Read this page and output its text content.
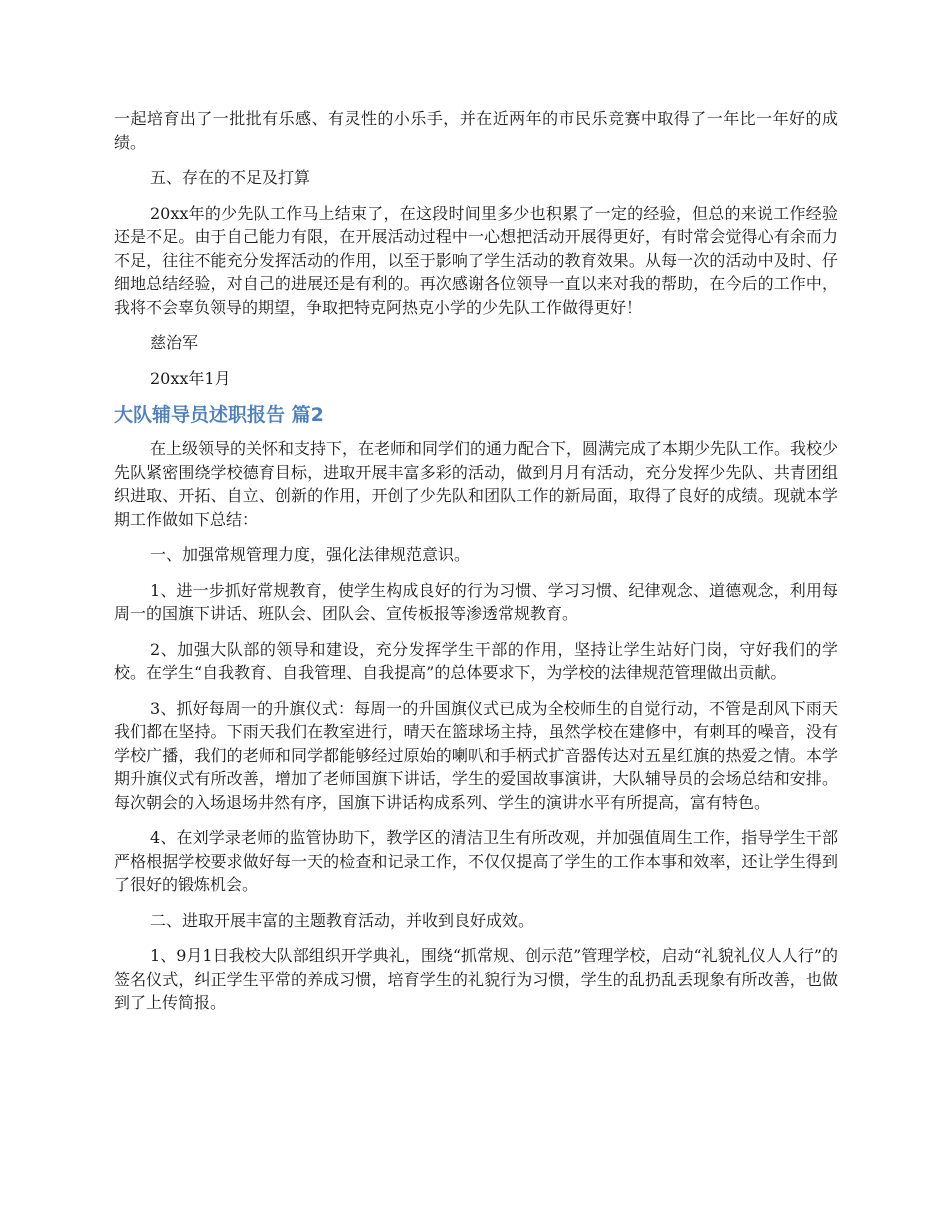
一起培育出了一批批有乐感、有灵性的小乐手，并在近两年的市民乐竞赛中取得了一年比一年好的成绩。

五、存在的不足及打算

20xx年的少先队工作马上结束了，在这段时间里多少也积累了一定的经验，但总的来说工作经验还是不足。由于自己能力有限，在开展活动过程中一心想把活动开展得更好，有时常会觉得心有余而力不足，往往不能充分发挥活动的作用，以至于影响了学生活动的教育效果。从每一次的活动中及时、仔细地总结经验，对自己的进展还是有利的。再次感谢各位领导一直以来对我的帮助，在今后的工作中，我将不会辜负领导的期望，争取把特克阿热克小学的少先队工作做得更好！

慈治军

20xx年1月

大队辅导员述职报告 篇2

在上级领导的关怀和支持下，在老师和同学们的通力配合下，圆满完成了本期少先队工作。我校少先队紧密围绕学校德育目标，进取开展丰富多彩的活动，做到月月有活动，充分发挥少先队、共青团组织进取、开拓、自立、创新的作用，开创了少先队和团队工作的新局面，取得了良好的成绩。现就本学期工作做如下总结：

一、加强常规管理力度，强化法律规范意识。

1、进一步抓好常规教育，使学生构成良好的行为习惯、学习习惯、纪律观念、道德观念，利用每周一的国旗下讲话、班队会、团队会、宣传板报等渗透常规教育。

2、加强大队部的领导和建设，充分发挥学生干部的作用，坚持让学生站好门岗，守好我们的学校。在学生“自我教育、自我管理、自我提高”的总体要求下，为学校的法律规范管理做出贡献。

3、抓好每周一的升旗仪式：每周一的升国旗仪式已成为全校师生的自觉行动，不管是刮风下雨天我们都在坚持。下雨天我们在教室进行，晴天在篮球场主持，虽然学校在建修中，有刺耳的噪音，没有学校广播，我们的老师和同学都能够经过原始的喇叭和手柄式扩音器传达对五星红旗的热爱之情。本学期升旗仪式有所改善，增加了老师国旗下讲话，学生的爱国故事演讲，大队辅导员的会场总结和安排。每次朝会的入场退场井然有序，国旗下讲话构成系列、学生的演讲水平有所提高，富有特色。

4、在刘学录老师的监管协助下，教学区的清洁卫生有所改观，并加强值周生工作，指导学生干部严格根据学校要求做好每一天的检查和记录工作，不仅仅提高了学生的工作本事和效率，还让学生得到了很好的锻炼机会。

二、进取开展丰富的主题教育活动，并收到良好成效。

1、9月1日我校大队部组织开学典礼，围绕“抓常规、创示范”管理学校，启动“礼貌礼仪人人行”的签名仪式，纠正学生平常的养成习惯，培育学生的礼貌行为习惯，学生的乱扔乱丢现象有所改善，也做到了上传简报。
